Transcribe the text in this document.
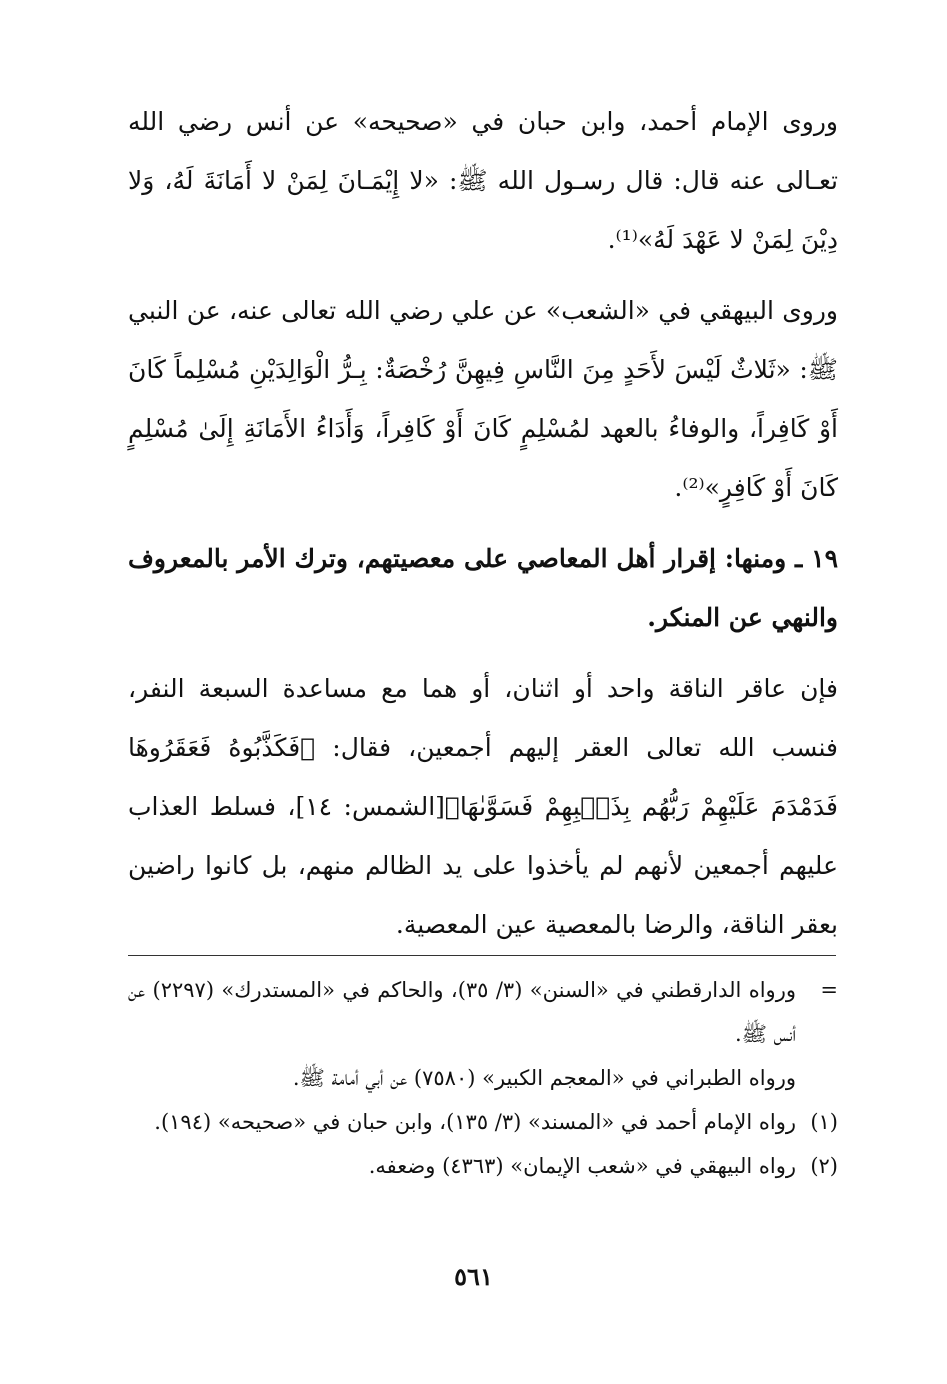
وروى الإمام أحمد، وابن حبان في «صحيحه» عن أنس رضي الله تعـالى عنه قال: قال رسـول الله ﷺ: «لا إِيْمَـانَ لِمَنْ لا أَمَانَةَ لَهُ، وَلا دِيْنَ لِمَنْ لا عَهْدَ لَهُ»⁽¹⁾.

وروى البيهقي في «الشعب» عن علي رضي الله تعالى عنه، عن النبي ﷺ: «ثَلاثٌ لَيْسَ لأَحَدٍ مِنَ النَّاسِ فِيهِنَّ رُخْصَةٌ: بِـرُّ الْوَالِدَيْنِ مُسْلِماً كَانَ أَوْ كَافِراً، والوفاءُ بالعهد لمُسْلِمٍ كَانَ أَوْ كَافِراً، وَأَدَاءُ الأَمَانَةِ إِلَىٰ مُسْلِمٍ كَانَ أَوْ كَافِرٍ»⁽²⁾.

١٩ ـ ومنها: إقرار أهل المعاصي على معصيتهم، وترك الأمر بالمعروف والنهي عن المنكر.

فإن عاقر الناقة واحد أو اثنان، أو هما مع مساعدة السبعة النفر، فنسب الله تعالى العقر إليهم أجمعين، فقال: ﴿فَكَذَّبُوهُ فَعَقَرُوهَا فَدَمْدَمَ عَلَيْهِمْ رَبُّهُم بِذَنۢبِهِمْ فَسَوَّىٰهَا﴾[الشمس: ١٤]، فسلط العذاب عليهم أجمعين لأنهم لم يأخذوا على يد الظالم منهم، بل كانوا راضين بعقر الناقة، والرضا بالمعصية عين المعصية.

=
ورواه الدارقطني في «السنن» (٣/ ٣٥)، والحاكم في «المستدرك» (٢٢٩٧) عن أنس ﷺ.
ورواه الطبراني في «المعجم الكبير» (٧٥٨٠) عن أبي أمامة ﷺ.
(١)
رواه الإمام أحمد في «المسند» (٣/ ١٣٥)، وابن حبان في «صحيحه» (١٩٤).
(٢)
رواه البيهقي في «شعب الإيمان» (٤٣٦٣) وضعفه.
٥٦١
